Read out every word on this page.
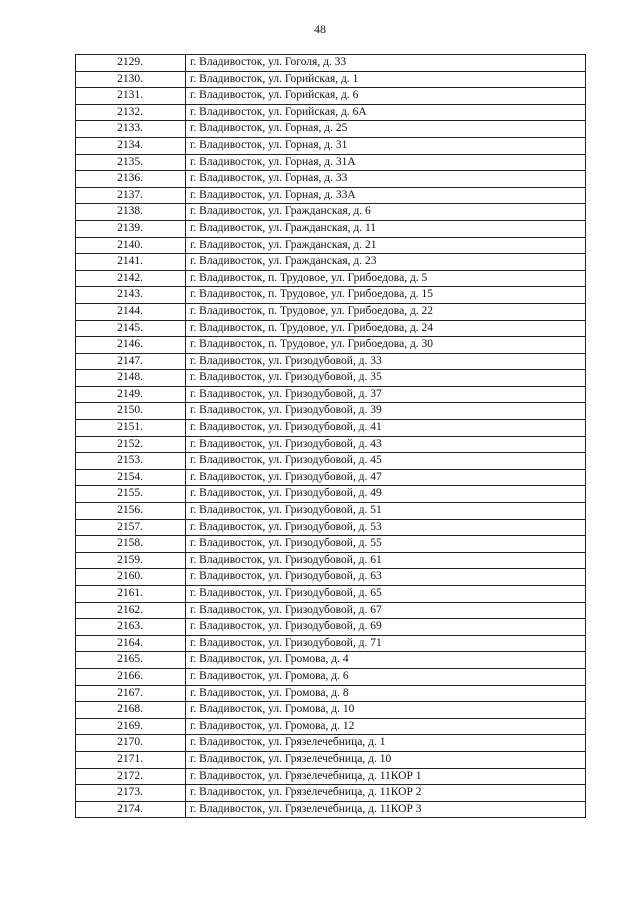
48
2129.	г. Владивосток, ул. Гоголя, д. 33
2130.	г. Владивосток, ул. Горийская, д. 1
2131.	г. Владивосток, ул. Горийская, д. 6
2132.	г. Владивосток, ул. Горийская, д. 6А
2133.	г. Владивосток, ул. Горная, д. 25
2134.	г. Владивосток, ул. Горная, д. 31
2135.	г. Владивосток, ул. Горная, д. 31А
2136.	г. Владивосток, ул. Горная, д. 33
2137.	г. Владивосток, ул. Горная, д. 33А
2138.	г. Владивосток, ул. Гражданская, д. 6
2139.	г. Владивосток, ул. Гражданская, д. 11
2140.	г. Владивосток, ул. Гражданская, д. 21
2141.	г. Владивосток, ул. Гражданская, д. 23
2142.	г. Владивосток, п. Трудовое, ул. Грибоедова, д. 5
2143.	г. Владивосток, п. Трудовое, ул. Грибоедова, д. 15
2144.	г. Владивосток, п. Трудовое, ул. Грибоедова, д. 22
2145.	г. Владивосток, п. Трудовое, ул. Грибоедова, д. 24
2146.	г. Владивосток, п. Трудовое, ул. Грибоедова, д. 30
2147.	г. Владивосток, ул. Гризодубовой, д. 33
2148.	г. Владивосток, ул. Гризодубовой, д. 35
2149.	г. Владивосток, ул. Гризодубовой, д. 37
2150.	г. Владивосток, ул. Гризодубовой, д. 39
2151.	г. Владивосток, ул. Гризодубовой, д. 41
2152.	г. Владивосток, ул. Гризодубовой, д. 43
2153.	г. Владивосток, ул. Гризодубовой, д. 45
2154.	г. Владивосток, ул. Гризодубовой, д. 47
2155.	г. Владивосток, ул. Гризодубовой, д. 49
2156.	г. Владивосток, ул. Гризодубовой, д. 51
2157.	г. Владивосток, ул. Гризодубовой, д. 53
2158.	г. Владивосток, ул. Гризодубовой, д. 55
2159.	г. Владивосток, ул. Гризодубовой, д. 61
2160.	г. Владивосток, ул. Гризодубовой, д. 63
2161.	г. Владивосток, ул. Гризодубовой, д. 65
2162.	г. Владивосток, ул. Гризодубовой, д. 67
2163.	г. Владивосток, ул. Гризодубовой, д. 69
2164.	г. Владивосток, ул. Гризодубовой, д. 71
2165.	г. Владивосток, ул. Громова, д. 4
2166.	г. Владивосток, ул. Громова, д. 6
2167.	г. Владивосток, ул. Громова, д. 8
2168.	г. Владивосток, ул. Громова, д. 10
2169.	г. Владивосток, ул. Громова, д. 12
2170.	г. Владивосток, ул. Грязелечебница, д. 1
2171.	г. Владивосток, ул. Грязелечебница, д. 10
2172.	г. Владивосток, ул. Грязелечебница, д. 11КОР 1
2173.	г. Владивосток, ул. Грязелечебница, д. 11КОР 2
2174.	г. Владивосток, ул. Грязелечебница, д. 11КОР 3
